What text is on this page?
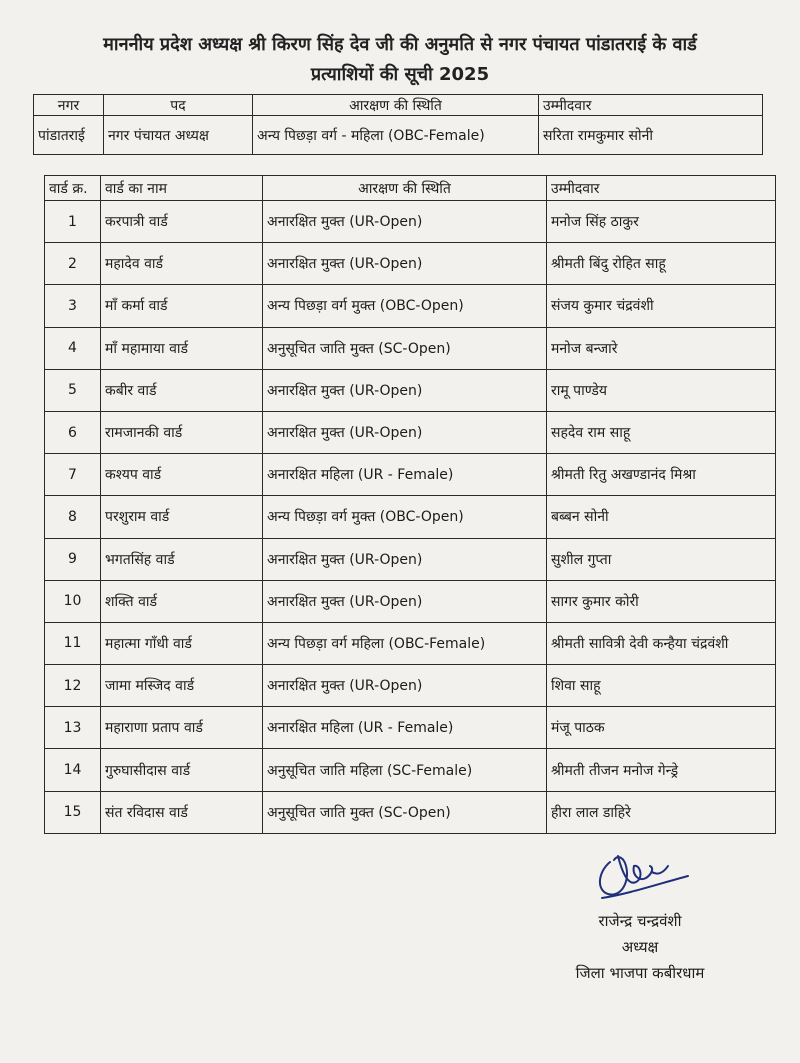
माननीय प्रदेश अध्यक्ष श्री किरण सिंह देव जी की अनुमति से नगर पंचायत पांडातराई के वार्ड
प्रत्याशियों की सूची 2025
नगर	पद	आरक्षण की स्थिति	उम्मीदवार
पांडातराई	नगर पंचायत अध्यक्ष	अन्य पिछड़ा वर्ग - महिला (OBC-Female)	सरिता रामकुमार सोनी
वार्ड क्र.	वार्ड का नाम	आरक्षण की स्थिति	उम्मीदवार
1	करपात्री वार्ड	अनारक्षित मुक्त (UR-Open)	मनोज सिंह ठाकुर
2	महादेव वार्ड	अनारक्षित मुक्त (UR-Open)	श्रीमती बिंदु रोहित साहू
3	माँ कर्मा वार्ड	अन्य पिछड़ा वर्ग मुक्त (OBC-Open)	संजय कुमार चंद्रवंशी
4	माँ महामाया वार्ड	अनुसूचित जाति मुक्त (SC-Open)	मनोज बन्जारे
5	कबीर वार्ड	अनारक्षित मुक्त (UR-Open)	रामू पाण्डेय
6	रामजानकी वार्ड	अनारक्षित मुक्त (UR-Open)	सहदेव राम साहू
7	कश्यप वार्ड	अनारक्षित महिला (UR - Female)	श्रीमती रितु अखण्डानंद मिश्रा
8	परशुराम वार्ड	अन्य पिछड़ा वर्ग मुक्त (OBC-Open)	बब्बन सोनी
9	भगतसिंह वार्ड	अनारक्षित मुक्त (UR-Open)	सुशील गुप्ता
10	शक्ति वार्ड	अनारक्षित मुक्त (UR-Open)	सागर कुमार कोरी
11	महात्मा गाँधी वार्ड	अन्य पिछड़ा वर्ग महिला (OBC-Female)	श्रीमती सावित्री देवी कन्हैया चंद्रवंशी
12	जामा मस्जिद वार्ड	अनारक्षित मुक्त (UR-Open)	शिवा साहू
13	महाराणा प्रताप वार्ड	अनारक्षित महिला (UR - Female)	मंजू पाठक
14	गुरुघासीदास वार्ड	अनुसूचित जाति महिला (SC-Female)	श्रीमती तीजन मनोज गेन्ड्रे
15	संत रविदास वार्ड	अनुसूचित जाति मुक्त (SC-Open)	हीरा लाल डाहिरे
राजेन्द्र चन्द्रवंशी
अध्यक्ष
जिला भाजपा कबीरधाम
